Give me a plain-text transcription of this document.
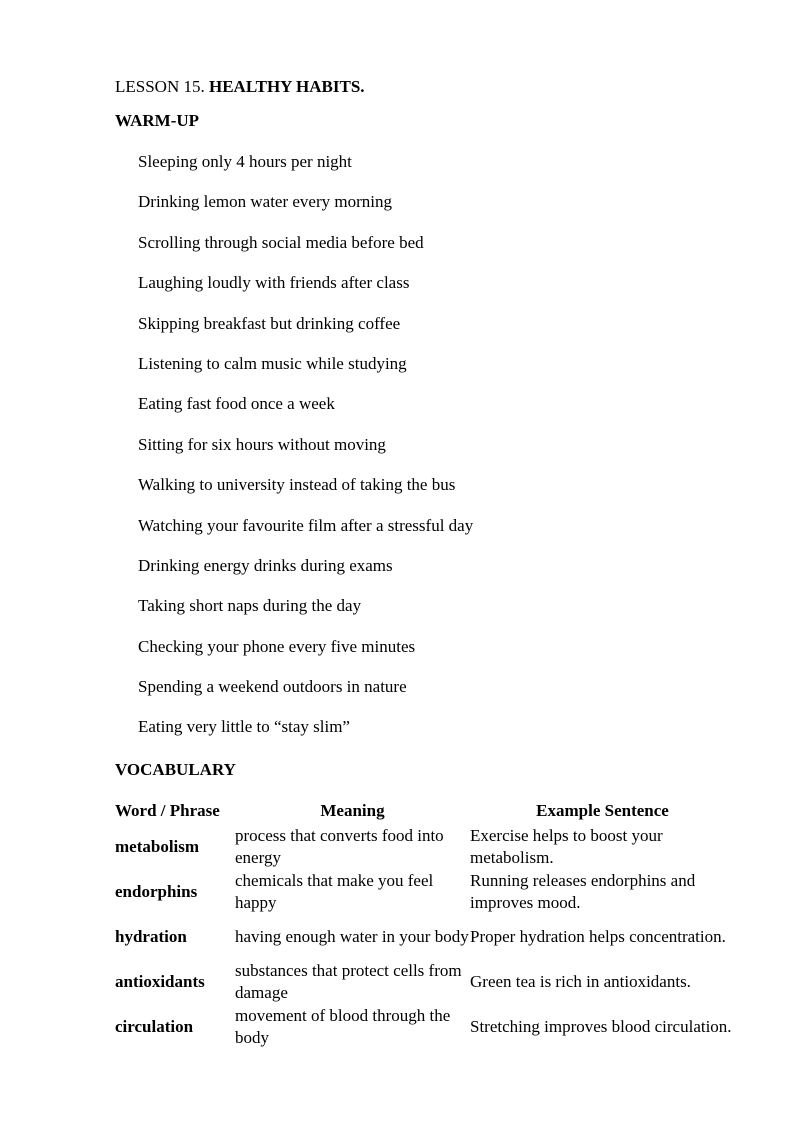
LESSON 15. HEALTHY HABITS.

WARM-UP

Sleeping only 4 hours per night
Drinking lemon water every morning
Scrolling through social media before bed
Laughing loudly with friends after class
Skipping breakfast but drinking coffee
Listening to calm music while studying
Eating fast food once a week
Sitting for six hours without moving
Walking to university instead of taking the bus
Watching your favourite film after a stressful day
Drinking energy drinks during exams
Taking short naps during the day
Checking your phone every five minutes
Spending a weekend outdoors in nature
Eating very little to “stay slim”
VOCABULARY
Word / Phrase	Meaning	Example Sentence
metabolism	process that converts food into energy	Exercise helps to boost your metabolism.
endorphins	chemicals that make you feel happy	Running releases endorphins and improves mood.
hydration	having enough water in your body	Proper hydration helps concentration.
antioxidants	substances that protect cells from damage	Green tea is rich in antioxidants.
circulation	movement of blood through the body	Stretching improves blood circulation.
